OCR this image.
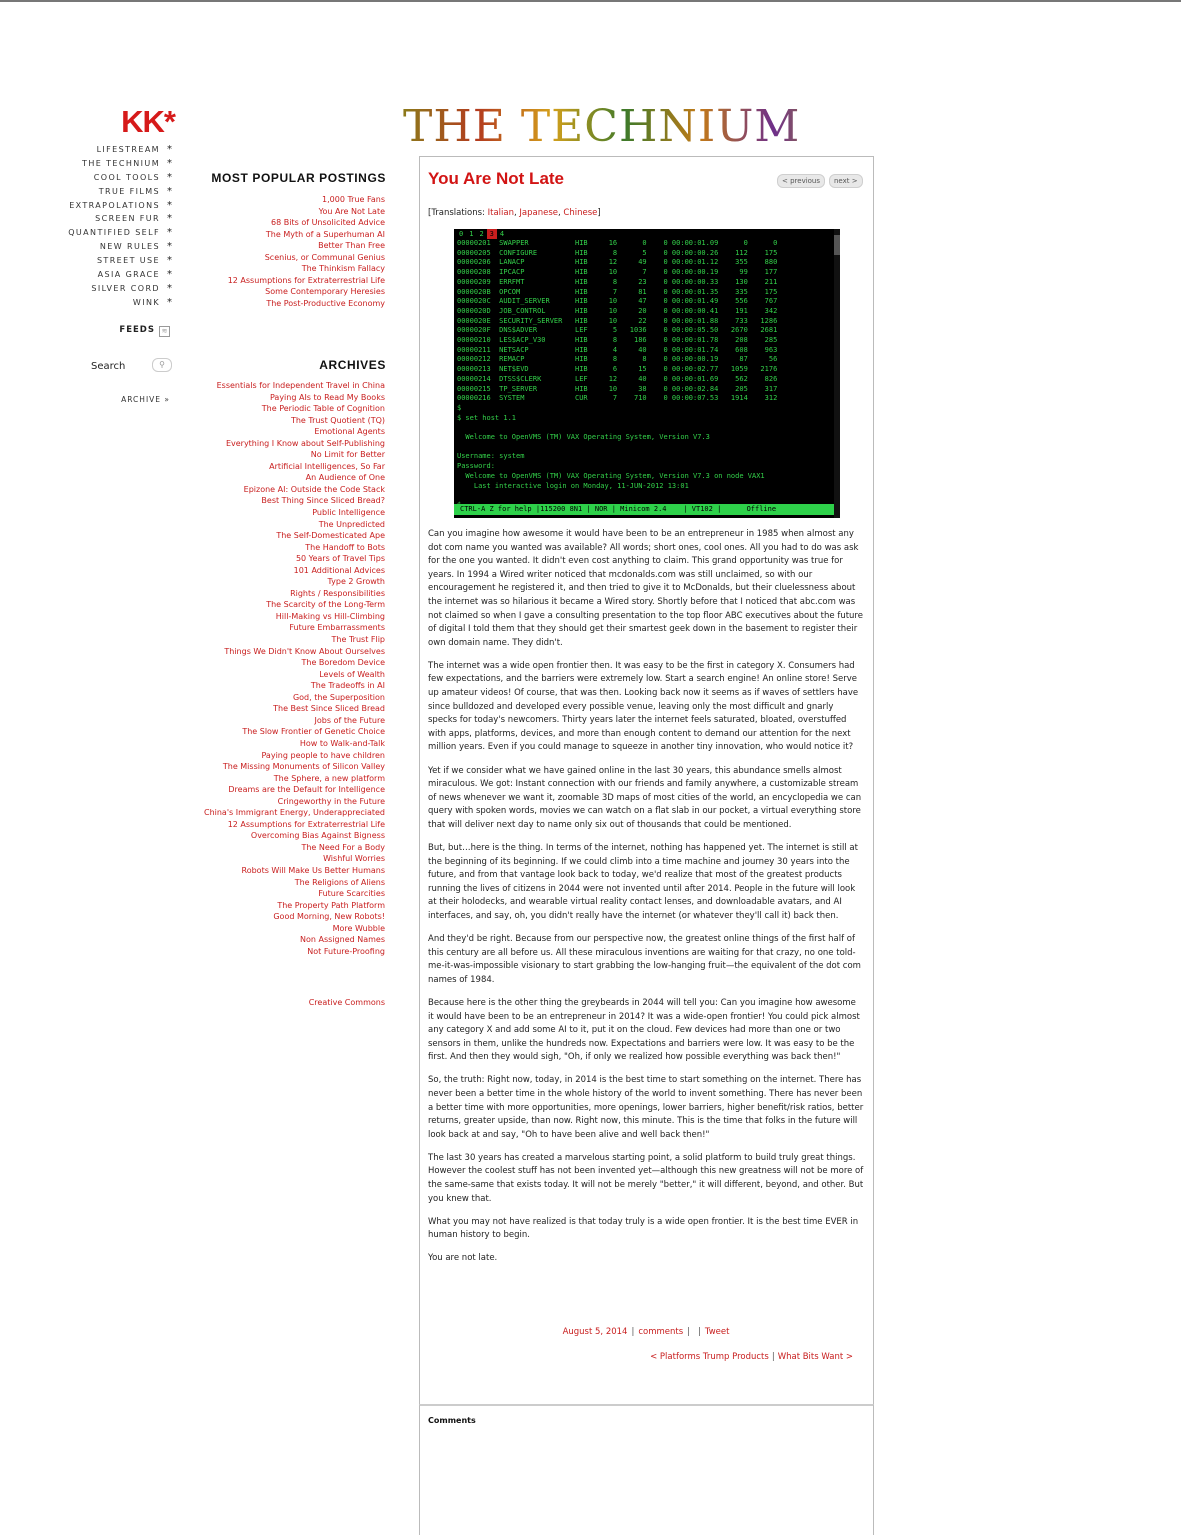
KK*
LIFESTREAM *
THE TECHNIUM *
COOL TOOLS *
TRUE FILMS *
EXTRAPOLATIONS *
SCREEN FUR *
QUANTIFIED SELF *
NEW RULES *
STREET USE *
ASIA GRACE *
SILVER CORD *
WINK *
FEEDS ≋
Search	⚲
ARCHIVE »
MOST POPULAR POSTINGS
1,000 True Fans
You Are Not Late
68 Bits of Unsolicited Advice
The Myth of a Superhuman AI
Better Than Free
Scenius, or Communal Genius
The Thinkism Fallacy
12 Assumptions for Extraterrestrial Life
Some Contemporary Heresies
The Post-Productive Economy
ARCHIVES
Essentials for Independent Travel in China
Paying AIs to Read My Books
The Periodic Table of Cognition
The Trust Quotient (TQ)
Emotional Agents
Everything I Know about Self-Publishing
No Limit for Better
Artificial Intelligences, So Far
An Audience of One
Epizone AI: Outside the Code Stack
Best Thing Since Sliced Bread?
Public Intelligence
The Unpredicted
The Self-Domesticated Ape
The Handoff to Bots
50 Years of Travel Tips
101 Additional Advices
Type 2 Growth
Rights / Responsibilities
The Scarcity of the Long-Term
Hill-Making vs Hill-Climbing
Future Embarrassments
The Trust Flip
Things We Didn't Know About Ourselves
The Boredom Device
Levels of Wealth
The Tradeoffs in AI
God, the Superposition
The Best Since Sliced Bread
Jobs of the Future
The Slow Frontier of Genetic Choice
How to Walk-and-Talk
Paying people to have children
The Missing Monuments of Silicon Valley
The Sphere, a new platform
Dreams are the Default for Intelligence
Cringeworthy in the Future
China's Immigrant Energy, Underappreciated
12 Assumptions for Extraterrestrial Life
Overcoming Bias Against Bigness
The Need For a Body
Wishful Worries
Robots Will Make Us Better Humans
The Religions of Aliens
Future Scarcities
The Property Path Platform
Good Morning, New Robots!
More Wubble
Non Assigned Names
Not Future-Proofing
Creative Commons
THE TECHNIUM
You Are Not Late	< previous	next >
[Translations: Italian, Japanese, Chinese]
0 1 2 3 4
00000201  SWAPPER           HIB     16      0    0 00:00:01.09      0      0
00000205  CONFIGURE         HIB      8      5    0 00:00:00.26    112    175
00000206  LANACP            HIB     12     49    0 00:00:01.12    355    880
00000208  IPCACP            HIB     10      7    0 00:00:00.19     99    177
00000209  ERRFMT            HIB      8     23    0 00:00:00.33    130    211
0000020B  OPCOM             HIB      7     81    0 00:00:01.35    335    175
0000020C  AUDIT_SERVER      HIB     10     47    0 00:00:01.49    556    767
0000020D  JOB_CONTROL       HIB     10     20    0 00:00:00.41    191    342
0000020E  SECURITY_SERVER   HIB     10     22    0 00:00:01.88    733   1286
0000020F  DNS$ADVER         LEF      5   1036    0 00:00:05.50   2670   2681
00000210  LES$ACP_V30       HIB      8    186    0 00:00:01.78    208    285
00000211  NETSACP           HIB      4     40    0 00:00:01.74    608    963
00000212  REMACP            HIB      8      8    0 00:00:00.19     87     56
00000213  NET$EVD           HIB      6     15    0 00:00:02.77   1059   2176
00000214  DTSS$CLERK        LEF     12     40    0 00:00:01.69    562    826
00000215  TP_SERVER         HIB     10     38    0 00:00:02.84    205    317
00000216  SYSTEM            CUR      7    710    0 00:00:07.53   1914    312
$
$ set host 1.1

Welcome to OpenVMS (TM) VAX Operating System, Version V7.3

Username: system
Password:
Welcome to OpenVMS (TM) VAX Operating System, Version V7.3 on node VAX1
Last interactive login on Monday, 11-JUN-2012 13:01

CTRL-A Z for help |115200 8N1 | NOR | Minicom 2.4    | VT102 |      Offline

Can you imagine how awesome it would have been to be an entrepreneur in 1985 when almost any dot com name you wanted was available? All words; short ones, cool ones. All you had to do was ask for the one you wanted. It didn't even cost anything to claim. This grand opportunity was true for years. In 1994 a Wired writer noticed that mcdonalds.com was still unclaimed, so with our encouragement he registered it, and then tried to give it to McDonalds, but their cluelessness about the internet was so hilarious it became a Wired story. Shortly before that I noticed that abc.com was not claimed so when I gave a consulting presentation to the top floor ABC executives about the future of digital I told them that they should get their smartest geek down in the basement to register their own domain name. They didn't.

The internet was a wide open frontier then. It was easy to be the first in category X. Consumers had few expectations, and the barriers were extremely low. Start a search engine! An online store! Serve up amateur videos! Of course, that was then. Looking back now it seems as if waves of settlers have since bulldozed and developed every possible venue, leaving only the most difficult and gnarly specks for today's newcomers. Thirty years later the internet feels saturated, bloated, overstuffed with apps, platforms, devices, and more than enough content to demand our attention for the next million years. Even if you could manage to squeeze in another tiny innovation, who would notice it?

Yet if we consider what we have gained online in the last 30 years, this abundance smells almost miraculous. We got: Instant connection with our friends and family anywhere, a customizable stream of news whenever we want it, zoomable 3D maps of most cities of the world, an encyclopedia we can query with spoken words, movies we can watch on a flat slab in our pocket, a virtual everything store that will deliver next day to name only six out of thousands that could be mentioned.

But, but…here is the thing. In terms of the internet, nothing has happened yet. The internet is still at the beginning of its beginning. If we could climb into a time machine and journey 30 years into the future, and from that vantage look back to today, we'd realize that most of the greatest products running the lives of citizens in 2044 were not invented until after 2014. People in the future will look at their holodecks, and wearable virtual reality contact lenses, and downloadable avatars, and AI interfaces, and say, oh, you didn't really have the internet (or whatever they'll call it) back then.

And they'd be right. Because from our perspective now, the greatest online things of the first half of this century are all before us. All these miraculous inventions are waiting for that crazy, no one told-me-it-was-impossible visionary to start grabbing the low-hanging fruit—the equivalent of the dot com names of 1984.

Because here is the other thing the greybeards in 2044 will tell you: Can you imagine how awesome it would have been to be an entrepreneur in 2014? It was a wide-open frontier! You could pick almost any category X and add some AI to it, put it on the cloud. Few devices had more than one or two sensors in them, unlike the hundreds now. Expectations and barriers were low. It was easy to be the first. And then they would sigh, "Oh, if only we realized how possible everything was back then!"

So, the truth: Right now, today, in 2014 is the best time to start something on the internet. There has never been a better time in the whole history of the world to invent something. There has never been a better time with more opportunities, more openings, lower barriers, higher benefit/risk ratios, better returns, greater upside, than now. Right now, this minute. This is the time that folks in the future will look back at and say, "Oh to have been alive and well back then!"

The last 30 years has created a marvelous starting point, a solid platform to build truly great things. However the coolest stuff has not been invented yet—although this new greatness will not be more of the same-same that exists today. It will not be merely "better," it will different, beyond, and other. But you knew that.

What you may not have realized is that today truly is a wide open frontier. It is the best time EVER in human history to begin.

You are not late.

August 5, 2014 | comments | | Tweet
< Platforms Trump Products | What Bits Want >
Comments
